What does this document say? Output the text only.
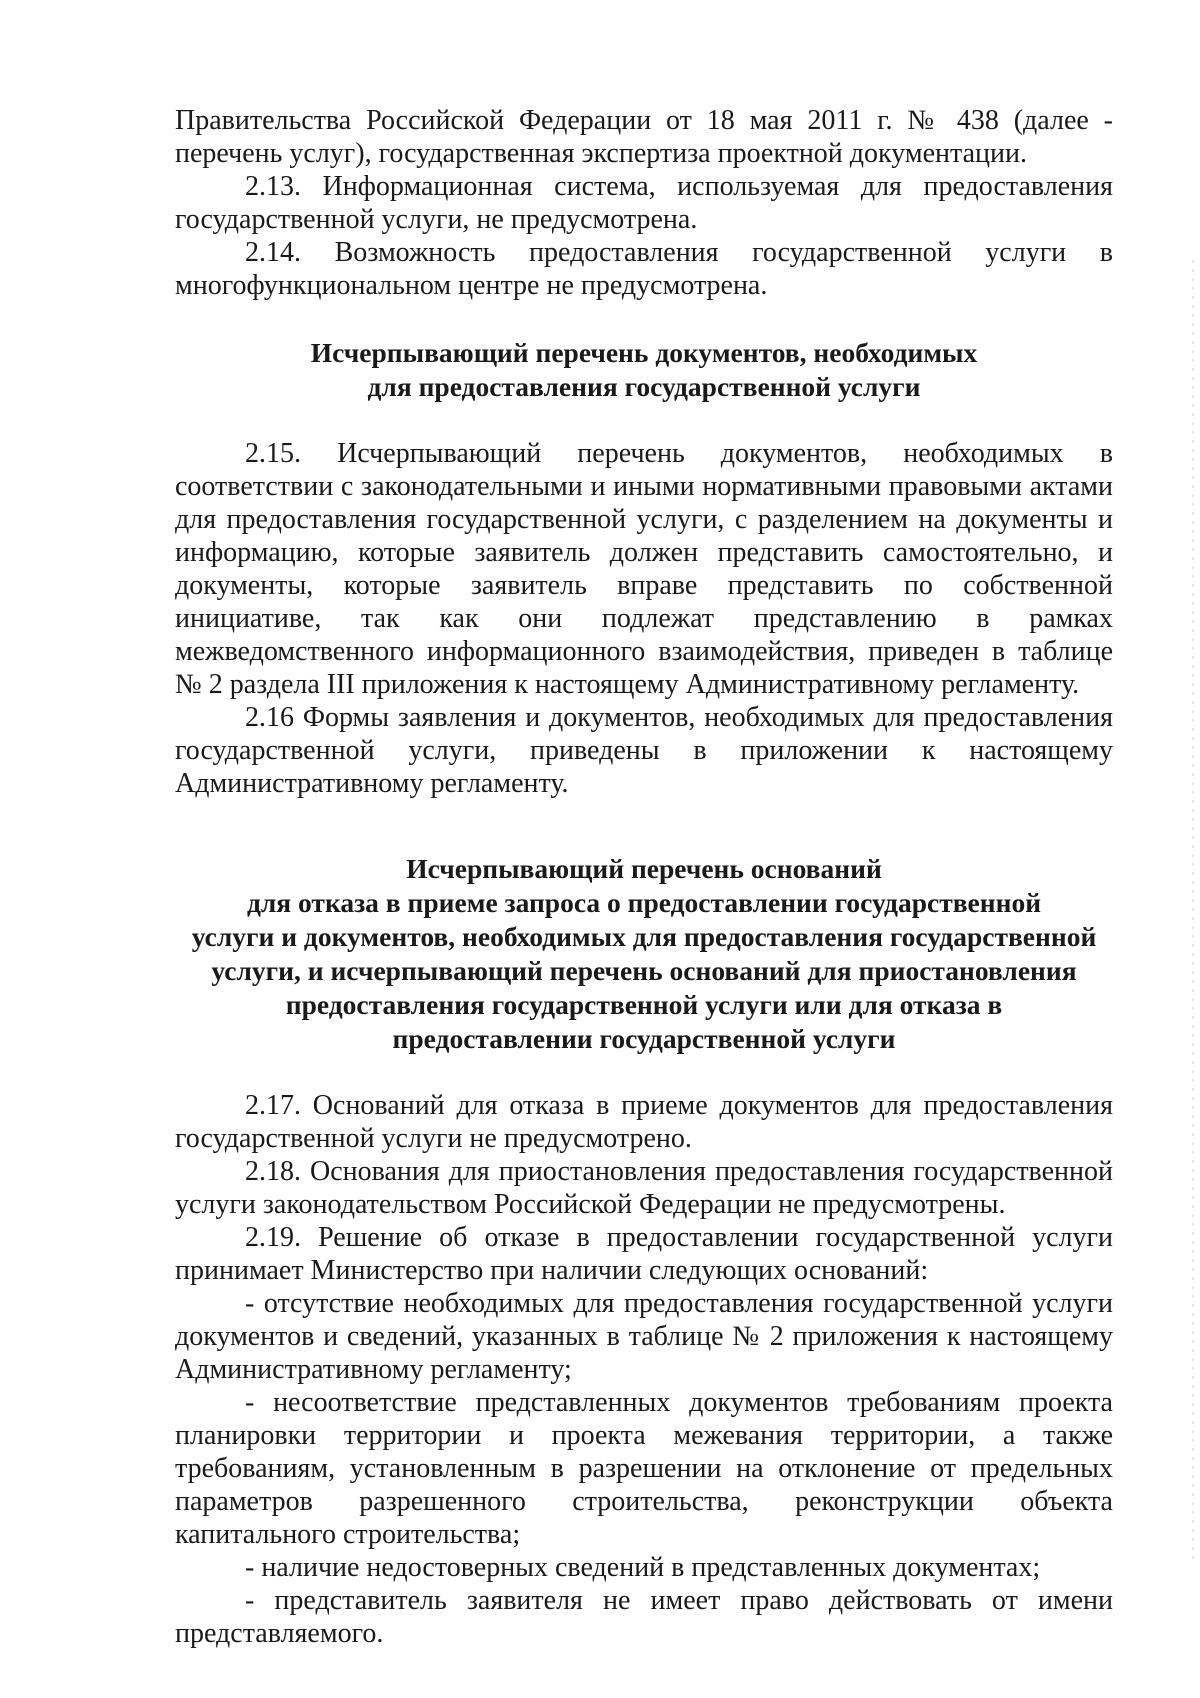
Правительства Российской Федерации от 18 мая 2011 г. № 438 (далее - перечень услуг), государственная экспертиза проектной документации.

2.13. Информационная система, используемая для предоставления государственной услуги, не предусмотрена.

2.14. Возможность предоставления государственной услуги в многофункциональном центре не предусмотрена.

Исчерпывающий перечень документов, необходимых
для предоставления государственной услуги

2.15. Исчерпывающий перечень документов, необходимых в соответствии с законодательными и иными нормативными правовыми актами для предоставления государственной услуги, с разделением на документы и информацию, которые заявитель должен представить самостоятельно, и документы, которые заявитель вправе представить по собственной инициативе, так как они подлежат представлению в рамках межведомственного информационного взаимодействия, приведен в таблице № 2 раздела III приложения к настоящему Административному регламенту.

2.16 Формы заявления и документов, необходимых для предоставления государственной услуги, приведены в приложении к настоящему Административному регламенту.

Исчерпывающий перечень оснований
для отказа в приеме запроса о предоставлении государственной
услуги и документов, необходимых для предоставления государственной
услуги, и исчерпывающий перечень оснований для приостановления
предоставления государственной услуги или для отказа в
предоставлении государственной услуги

2.17. Оснований для отказа в приеме документов для предоставления государственной услуги не предусмотрено.

2.18. Основания для приостановления предоставления государственной услуги законодательством Российской Федерации не предусмотрены.

2.19. Решение об отказе в предоставлении государственной услуги принимает Министерство при наличии следующих оснований:

- отсутствие необходимых для предоставления государственной услуги документов и сведений, указанных в таблице № 2 приложения к настоящему Административному регламенту;

- несоответствие представленных документов требованиям проекта планировки территории и проекта межевания территории, а также требованиям, установленным в разрешении на отклонение от предельных параметров разрешенного строительства, реконструкции объекта капитального строительства;

- наличие недостоверных сведений в представленных документах;

- представитель заявителя не имеет право действовать от имени представляемого.
